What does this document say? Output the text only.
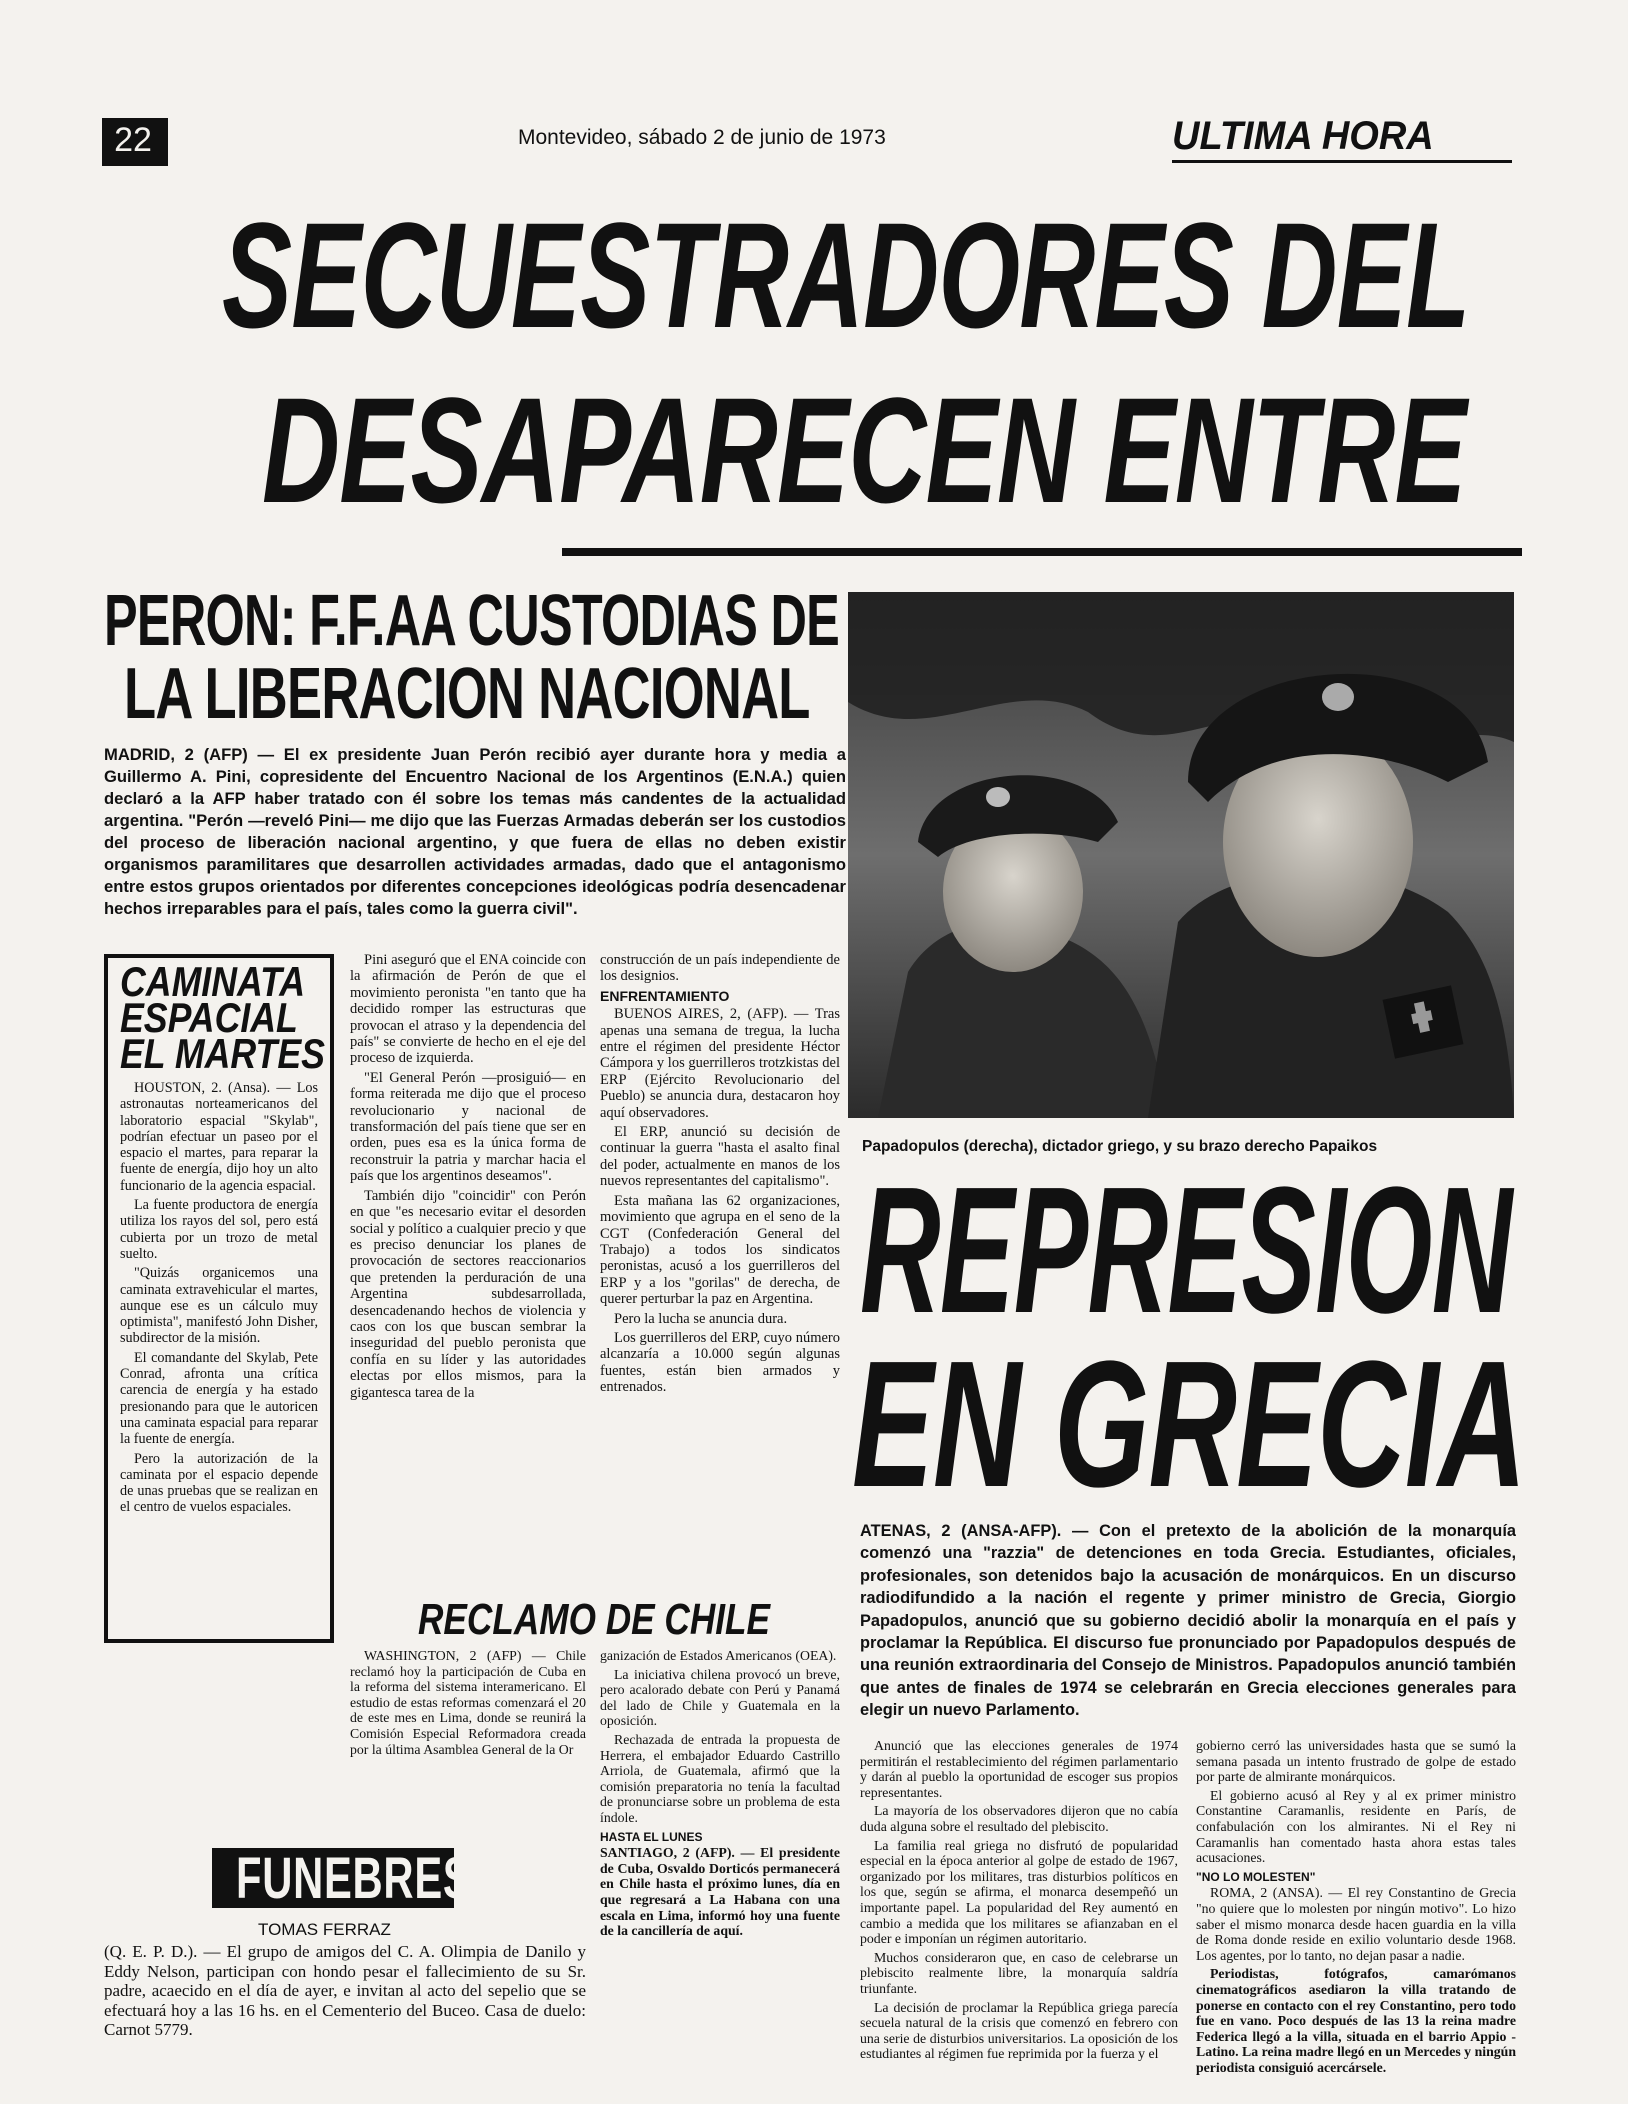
22	Montevideo, sábado 2 de junio de 1973	ULTIMA HORA
SECUESTRADORES DEL
DESAPARECEN ENTRE
PERON: F.F.AA CUSTODIAS DE
LA LIBERACION NACIONAL
MADRID, 2 (AFP) — El ex presidente Juan Perón recibió ayer durante hora y media a Guillermo A. Pini, copresidente del Encuentro Nacional de los Argentinos (E.N.A.) quien declaró a la AFP haber tratado con él sobre los temas más candentes de la actualidad argentina. "Perón —reveló Pini— me dijo que las Fuerzas Armadas deberán ser los custodios del proceso de liberación nacional argentino, y que fuera de ellas no deben existir organismos paramilitares que desarrollen actividades armadas, dado que el antagonismo entre estos grupos orientados por diferentes concepciones ideológicas podría desencadenar hechos irreparables para el país, tales como la guerra civil".
CAMINATA
ESPACIAL
EL MARTES

HOUSTON, 2. (Ansa). — Los astronautas norteamericanos del laboratorio espacial "Skylab", podrían efectuar un paseo por el espacio el martes, para reparar la fuente de energía, dijo hoy un alto funcionario de la agencia espacial.

La fuente productora de energía utiliza los rayos del sol, pero está cubierta por un trozo de metal suelto.

"Quizás organicemos una caminata extravehicular el martes, aunque ese es un cálculo muy optimista", manifestó John Disher, subdirector de la misión.

El comandante del Skylab, Pete Conrad, afronta una crítica carencia de energía y ha estado presionando para que le autoricen una caminata espacial para reparar la fuente de energía.

Pero la autorización de la caminata por el espacio depende de unas pruebas que se realizan en el centro de vuelos espaciales.

Pini aseguró que el ENA coincide con la afirmación de Perón de que el movimiento peronista "en tanto que ha decidido romper las estructuras que provocan el atraso y la dependencia del país" se convierte de hecho en el eje del proceso de izquierda.

"El General Perón —prosiguió— en forma reiterada me dijo que el proceso revolucionario y nacional de transformación del país tiene que ser en orden, pues esa es la única forma de reconstruir la patria y marchar hacia el país que los argentinos deseamos".

También dijo "coincidir" con Perón en que "es necesario evitar el desorden social y político a cualquier precio y que es preciso denunciar los planes de provocación de sectores reaccionarios que pretenden la perduración de una Argentina subdesarrollada, desencadenando hechos de violencia y caos con los que buscan sembrar la inseguridad del pueblo peronista que confía en su líder y las autoridades electas por ellos mismos, para la gigantesca tarea de la

construcción de un país independiente de los designios.

ENFRENTAMIENTO

BUENOS AIRES, 2, (AFP). — Tras apenas una semana de tregua, la lucha entre el régimen del presidente Héctor Cámpora y los guerrilleros trotzkistas del ERP (Ejército Revolucionario del Pueblo) se anuncia dura, destacaron hoy aquí observadores.

El ERP, anunció su decisión de continuar la guerra "hasta el asalto final del poder, actualmente en manos de los nuevos representantes del capitalismo".

Esta mañana las 62 organizaciones, movimiento que agrupa en el seno de la CGT (Confederación General del Trabajo) a todos los sindicatos peronistas, acusó a los guerrilleros del ERP y a los "gorilas" de derecha, de querer perturbar la paz en Argentina.

Pero la lucha se anuncia dura.

Los guerrilleros del ERP, cuyo número alcanzaría a 10.000 según algunas fuentes, están bien armados y entrenados.

RECLAMO DE CHILE

WASHINGTON, 2 (AFP) — Chile reclamó hoy la participación de Cuba en la reforma del sistema interamericano. El estudio de estas reformas comenzará el 20 de este mes en Lima, donde se reunirá la Comisión Especial Reformadora creada por la última Asamblea General de la Or

ganización de Estados Americanos (OEA).

La iniciativa chilena provocó un breve, pero acalorado debate con Perú y Panamá del lado de Chile y Guatemala en la oposición.

Rechazada de entrada la propuesta de Herrera, el embajador Eduardo Castrillo Arriola, de Guatemala, afirmó que la comisión preparatoria no tenía la facultad de pronunciarse sobre un problema de esta índole.

HASTA EL LUNES

SANTIAGO, 2 (AFP). — El presidente de Cuba, Osvaldo Dorticós permanecerá en Chile hasta el próximo lunes, día en que regresará a La Habana con una escala en Lima, informó hoy una fuente de la cancillería de aquí.

FUNEBRES
TOMAS FERRAZ
(Q. E. P. D.). — El grupo de amigos del C. A. Olimpia de Danilo y Eddy Nelson, participan con hondo pesar el fallecimiento de su Sr. padre, acaecido en el día de ayer, e invitan al acto del sepelio que se efectuará hoy a las 16 hs. en el Cementerio del Buceo. Casa de duelo: Carnot 5779.
Papadopulos (derecha), dictador griego, y su brazo derecho Papaikos
REPRESION
EN GRECIA
ATENAS, 2 (ANSA-AFP). — Con el pretexto de la abolición de la monarquía comenzó una "razzia" de detenciones en toda Grecia. Estudiantes, oficiales, profesionales, son detenidos bajo la acusación de monárquicos. En un discurso radiodifundido a la nación el regente y primer ministro de Grecia, Giorgio Papadopulos, anunció que su gobierno decidió abolir la monarquía en el país y proclamar la República. El discurso fue pronunciado por Papadopulos después de una reunión extraordinaria del Consejo de Ministros. Papadopulos anunció también que antes de finales de 1974 se celebrarán en Grecia elecciones generales para elegir un nuevo Parlamento.

Anunció que las elecciones generales de 1974 permitirán el restablecimiento del régimen parlamentario y darán al pueblo la oportunidad de escoger sus propios representantes.

La mayoría de los observadores dijeron que no cabía duda alguna sobre el resultado del plebiscito.

La familia real griega no disfrutó de popularidad especial en la época anterior al golpe de estado de 1967, organizado por los militares, tras disturbios políticos en los que, según se afirma, el monarca desempeñó un importante papel. La popularidad del Rey aumentó en cambio a medida que los militares se afianzaban en el poder e imponían un régimen autoritario.

Muchos consideraron que, en caso de celebrarse un plebiscito realmente libre, la monarquía saldría triunfante.

La decisión de proclamar la República griega parecía secuela natural de la crisis que comenzó en febrero con una serie de disturbios universitarios. La oposición de los estudiantes al régimen fue reprimida por la fuerza y el

gobierno cerró las universidades hasta que se sumó la semana pasada un intento frustrado de golpe de estado por parte de almirante monárquicos.

El gobierno acusó al Rey y al ex primer ministro Constantine Caramanlis, residente en París, de confabulación con los almirantes. Ni el Rey ni Caramanlis han comentado hasta ahora estas tales acusaciones.

"NO LO MOLESTEN"

ROMA, 2 (ANSA). — El rey Constantino de Grecia "no quiere que lo molesten por ningún motivo". Lo hizo saber el mismo monarca desde hacen guardia en la villa de Roma donde reside en exilio voluntario desde 1968. Los agentes, por lo tanto, no dejan pasar a nadie.

Periodistas, fotógrafos, camarómanos cinematográficos asediaron la villa tratando de ponerse en contacto con el rey Constantino, pero todo fue en vano. Poco después de las 13 la reina madre Federica llegó a la villa, situada en el barrio Appio - Latino. La reina madre llegó en un Mercedes y ningún periodista consiguió acercársele.
